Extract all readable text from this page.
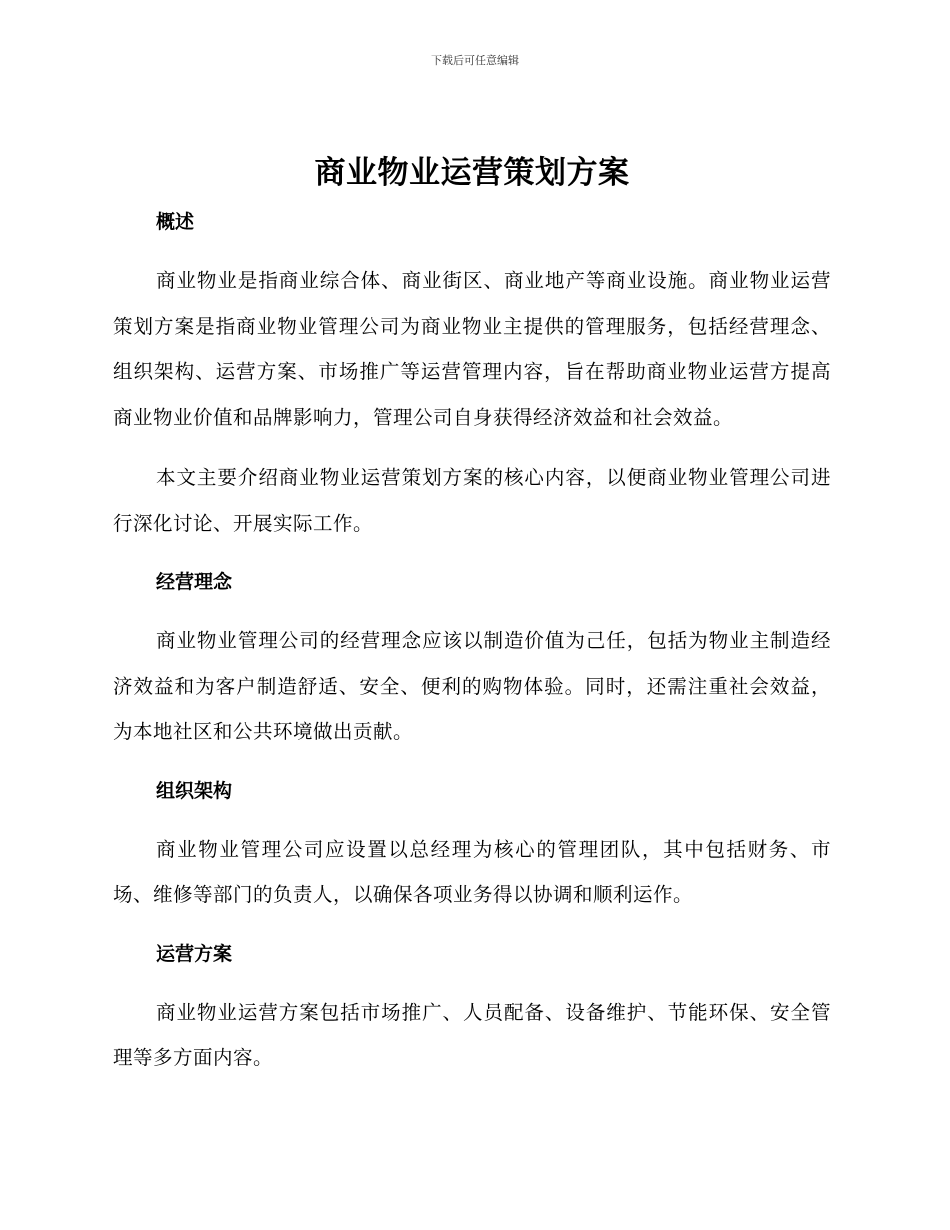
下载后可任意编辑
商业物业运营策划方案
概述

商业物业是指商业综合体、商业街区、商业地产等商业设施。商业物业运营策划方案是指商业物业管理公司为商业物业主提供的管理服务，包括经营理念、组织架构、运营方案、市场推广等运营管理内容，旨在帮助商业物业运营方提高商业物业价值和品牌影响力，管理公司自身获得经济效益和社会效益。

本文主要介绍商业物业运营策划方案的核心内容，以便商业物业管理公司进行深化讨论、开展实际工作。

经营理念

商业物业管理公司的经营理念应该以制造价值为己任，包括为物业主制造经济效益和为客户制造舒适、安全、便利的购物体验。同时，还需注重社会效益，为本地社区和公共环境做出贡献。

组织架构

商业物业管理公司应设置以总经理为核心的管理团队，其中包括财务、市场、维修等部门的负责人，以确保各项业务得以协调和顺利运作。

运营方案

商业物业运营方案包括市场推广、人员配备、设备维护、节能环保、安全管理等多方面内容。
